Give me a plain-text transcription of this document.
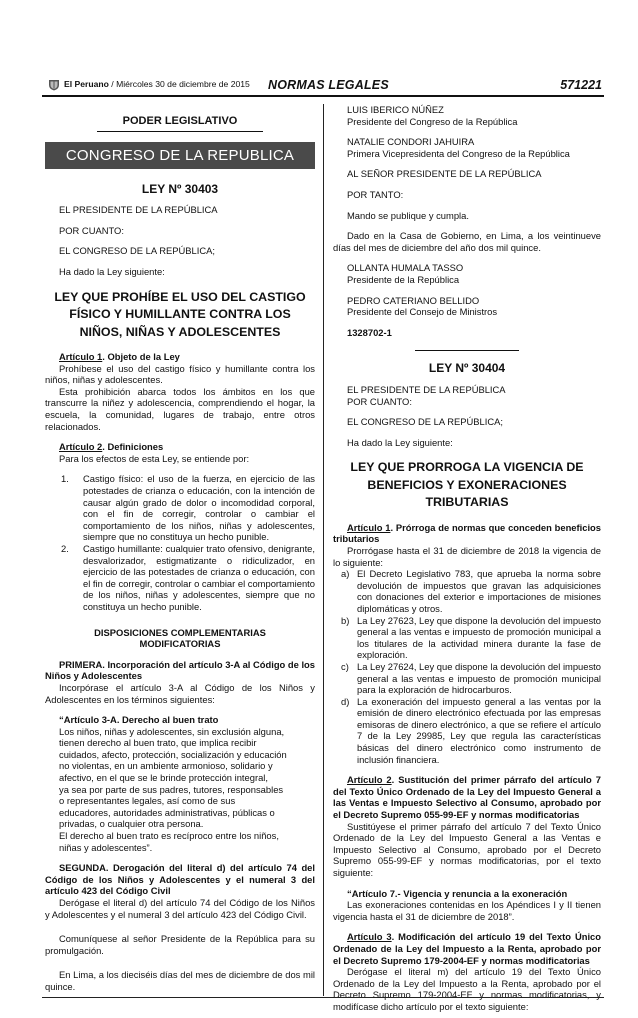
El Peruano / Miércoles 30 de diciembre de 2015 NORMAS LEGALES	571221
PODER LEGISLATIVO
CONGRESO DE LA REPUBLICA

LEY Nº 30403

EL PRESIDENTE DE LA REPÚBLICA

POR CUANTO:

EL CONGRESO DE LA REPÚBLICA;

Ha dado la Ley siguiente:

LEY QUE PROHÍBE EL USO DEL CASTIGO

FÍSICO Y HUMILLANTE CONTRA LOS

NIÑOS, NIÑAS Y ADOLESCENTES

Artículo 1. Objeto de la Ley

Prohíbese el uso del castigo físico y humillante contra los niños, niñas y adolescentes.

Esta prohibición abarca todos los ámbitos en los que transcurre la niñez y adolescencia, comprendiendo el hogar, la escuela, la comunidad, lugares de trabajo, entre otros relacionados.

Artículo 2. Definiciones

Para los efectos de esta Ley, se entiende por:

1.	Castigo físico: el uso de la fuerza, en ejercicio de las potestades de crianza o educación, con la intención de causar algún grado de dolor o incomodidad corporal, con el fin de corregir, controlar o cambiar el comportamiento de los niños, niñas y adolescentes, siempre que no constituya un hecho punible.
2.	Castigo humillante: cualquier trato ofensivo, denigrante, desvalorizador, estigmatizante o ridiculizador, en ejercicio de las potestades de crianza o educación, con el fin de corregir, controlar o cambiar el comportamiento de los niños, niñas y adolescentes, siempre que no constituya un hecho punible.

DISPOSICIONES COMPLEMENTARIAS

MODIFICATORIAS

PRIMERA. Incorporación del artículo 3-A al Código de los Niños y Adolescentes

Incorpórase el artículo 3-A al Código de los Niños y Adolescentes en los términos siguientes:

“Artículo 3-A. Derecho al buen trato

Los niños, niñas y adolescentes, sin exclusión alguna,

tienen derecho al buen trato, que implica recibir

cuidados, afecto, protección, socialización y educación

no violentas, en un ambiente armonioso, solidario y

afectivo, en el que se le brinde protección integral,

ya sea por parte de sus padres, tutores, responsables

o representantes legales, así como de sus

educadores, autoridades administrativas, públicas o

privadas, o cualquier otra persona.

El derecho al buen trato es recíproco entre los niños,

niñas y adolescentes”.

SEGUNDA. Derogación del literal d) del artículo 74 del Código de los Niños y Adolescentes y el numeral 3 del artículo 423 del Código Civil

Derógase el literal d) del artículo 74 del Código de los Niños y Adolescentes y el numeral 3 del artículo 423 del Código Civil.

Comuníquese al señor Presidente de la República para su promulgación.

En Lima, a los dieciséis días del mes de diciembre de dos mil quince.

LUIS IBERICO NÚÑEZ

Presidente del Congreso de la República

NATALIE CONDORI JAHUIRA

Primera Vicepresidenta del Congreso de la República

AL SEÑOR PRESIDENTE DE LA REPÚBLICA

POR TANTO:

Mando se publique y cumpla.

Dado en la Casa de Gobierno, en Lima, a los veintinueve días del mes de diciembre del año dos mil quince.

OLLANTA HUMALA TASSO

Presidente de la República

PEDRO CATERIANO BELLIDO

Presidente del Consejo de Ministros

1328702-1

LEY Nº 30404

EL PRESIDENTE DE LA REPÚBLICA

POR CUANTO:

EL CONGRESO DE LA REPÚBLICA;

Ha dado la Ley siguiente:

LEY QUE PRORROGA LA VIGENCIA DE

BENEFICIOS Y EXONERACIONES TRIBUTARIAS

Artículo 1. Prórroga de normas que conceden beneficios tributarios

Prorrógase hasta el 31 de diciembre de 2018 la vigencia de lo siguiente:

a) El Decreto Legislativo 783, que aprueba la norma sobre devolución de impuestos que gravan las adquisiciones con donaciones del exterior e importaciones de misiones diplomáticas y otros.
b) La Ley 27623, Ley que dispone la devolución del impuesto general a las ventas e impuesto de promoción municipal a los titulares de la actividad minera durante la fase de exploración.
c) La Ley 27624, Ley que dispone la devolución del impuesto general a las ventas e impuesto de promoción municipal para la exploración de hidrocarburos.
d) La exoneración del impuesto general a las ventas por la emisión de dinero electrónico efectuada por las empresas emisoras de dinero electrónico, a que se refiere el artículo 7 de la Ley 29985, Ley que regula las características básicas del dinero electrónico como instrumento de inclusión financiera.

Artículo 2. Sustitución del primer párrafo del artículo 7 del Texto Único Ordenado de la Ley del Impuesto General a las Ventas e Impuesto Selectivo al Consumo, aprobado por el Decreto Supremo 055-99-EF y normas modificatorias

Sustitúyese el primer párrafo del artículo 7 del Texto Único Ordenado de la Ley del Impuesto General a las Ventas e Impuesto Selectivo al Consumo, aprobado por el Decreto Supremo 055-99-EF y normas modificatorias, por el texto siguiente:

“Artículo 7.- Vigencia y renuncia a la exoneración

Las exoneraciones contenidas en los Apéndices I y II tienen vigencia hasta el 31 de diciembre de 2018”.

Artículo 3. Modificación del artículo 19 del Texto Único Ordenado de la Ley del Impuesto a la Renta, aprobado por el Decreto Supremo 179-2004-EF y normas modificatorias

Derógase el literal m) del artículo 19 del Texto Único Ordenado de la Ley del Impuesto a la Renta, aprobado por el Decreto Supremo 179-2004-EF y normas modificatorias, y modifícase dicho artículo por el texto siguiente:
